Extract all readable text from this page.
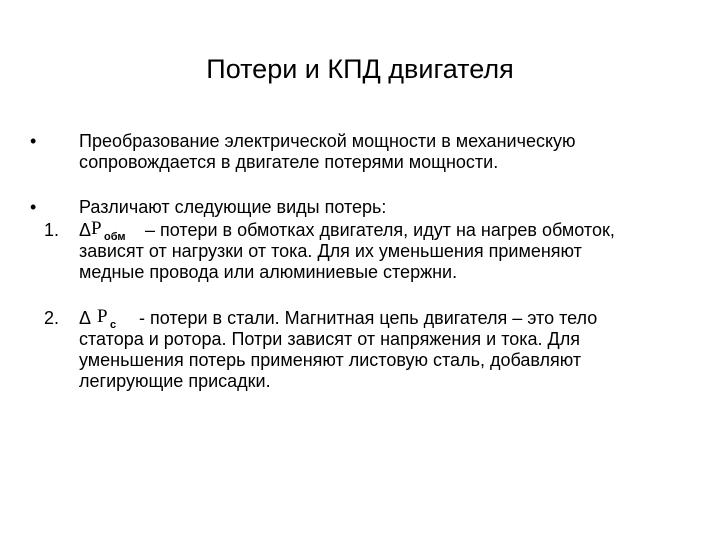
Потери и КПД двигателя
• Преобразование электрической мощности в механическую
сопровождается в двигателе потерями мощности.
• Различают следующие виды потерь:
1. Δ P обм – потери в обмотках двигателя, идут на нагрев обмоток,
зависят от нагрузки от тока. Для их уменьшения применяют
медные провода или алюминиевые стержни.
2. Δ P с - потери в стали. Магнитная цепь двигателя – это тело
статора и ротора. Потри зависят от напряжения и тока. Для
уменьшения потерь применяют листовую сталь, добавляют
легирующие присадки.
